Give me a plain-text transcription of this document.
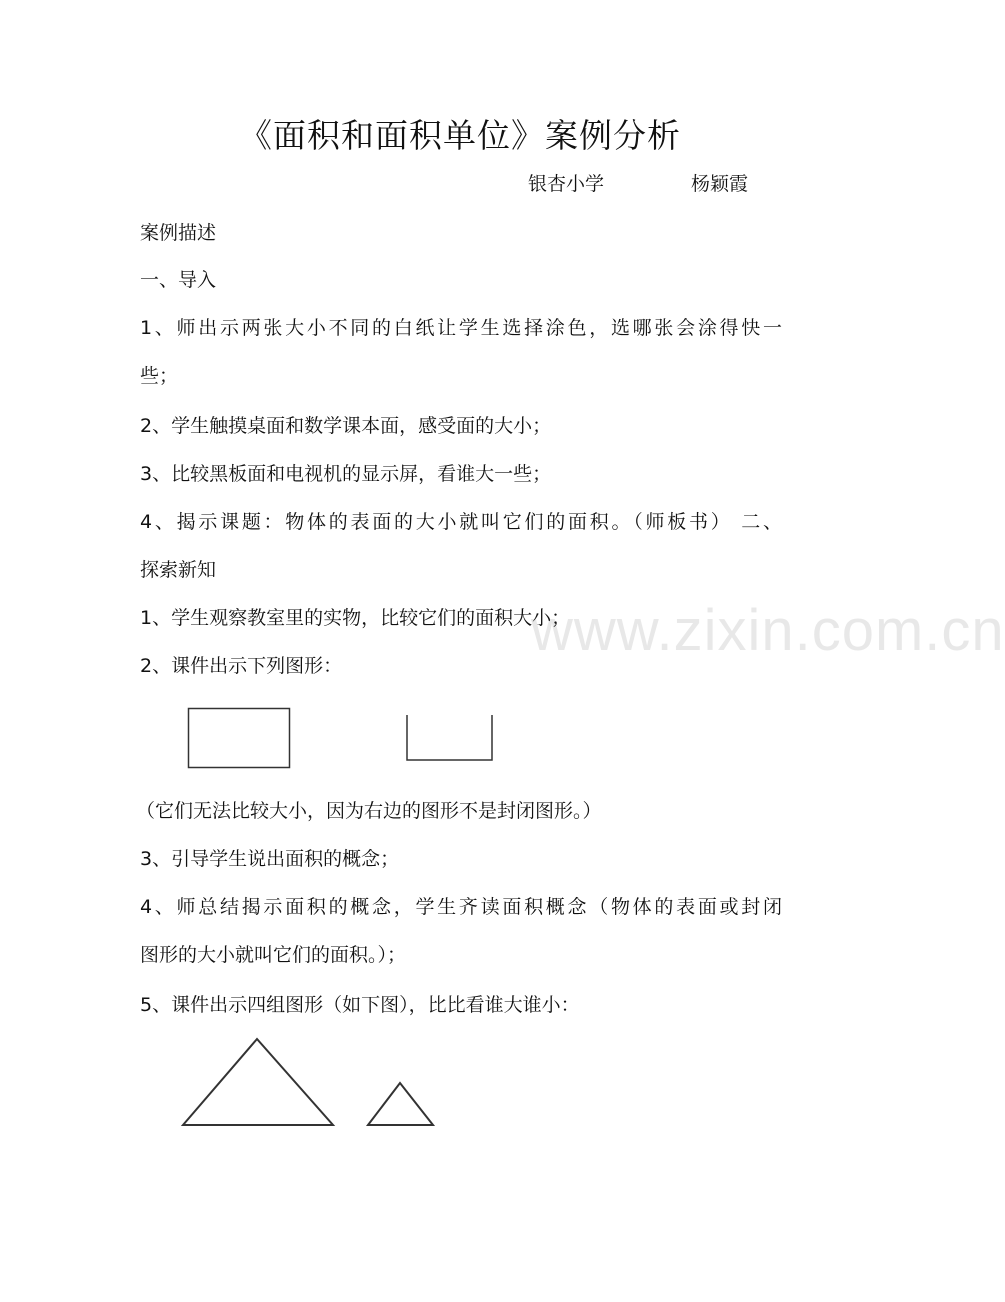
《面积和面积单位》案例分析
银杏小学	杨颖霞
案例描述
一、导入
1、师出示两张大小不同的白纸让学生选择涂色，选哪张会涂得快一
些；
2、学生触摸桌面和数学课本面，感受面的大小；
3、比较黑板面和电视机的显示屏，看谁大一些；
4、揭示课题：物体的表面的大小就叫它们的面积。（师板书） 二、
探索新知
www.zixin.com.cn
1、学生观察教室里的实物，比较它们的面积大小；
2、课件出示下列图形：
（它们无法比较大小，因为右边的图形不是封闭图形。）
3、引导学生说出面积的概念；
4、师总结揭示面积的概念，学生齐读面积概念（物体的表面或封闭
图形的大小就叫它们的面积。）；
5、课件出示四组图形（如下图），比比看谁大谁小：
